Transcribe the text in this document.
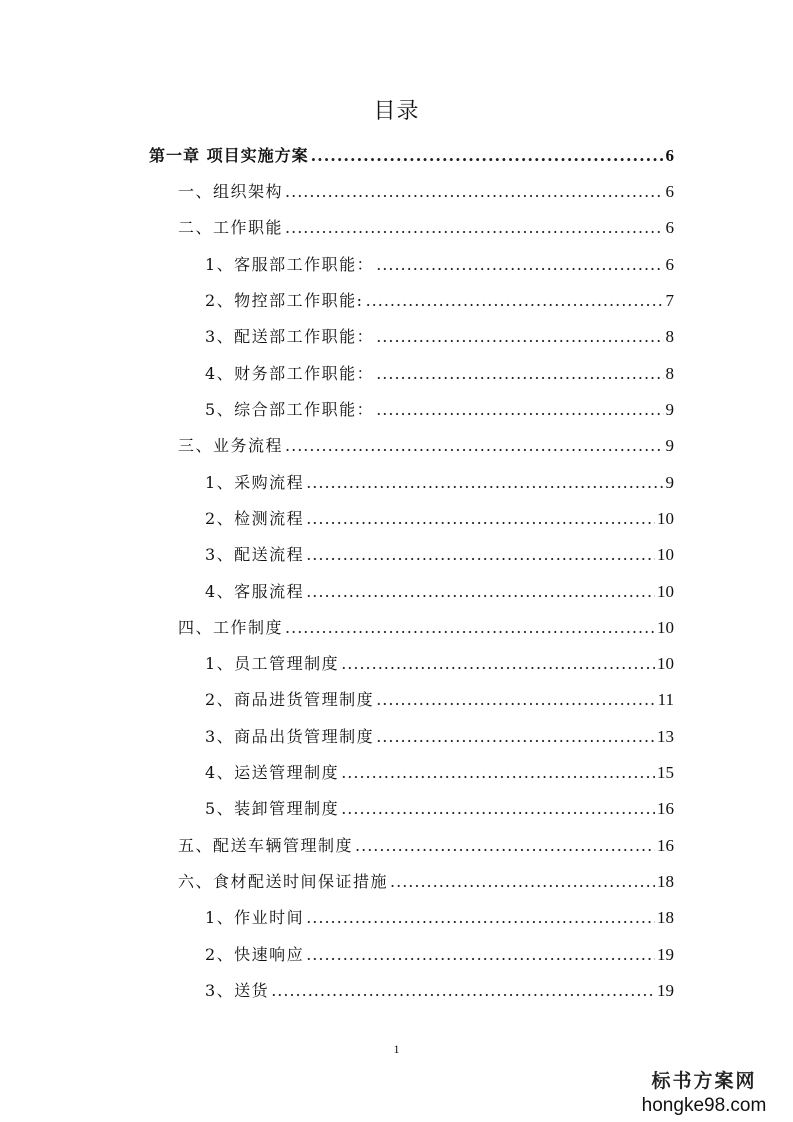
目录
第一章 项目实施方案 .....	6
一、组织架构 .....	6
二、工作职能 .....	6
1、客服部工作职能： .....	6
2、物控部工作职能: .....	7
3、配送部工作职能： .....	8
4、财务部工作职能： .....	8
5、综合部工作职能： .....	9
三、业务流程 .....	9
1、采购流程 .....	9
2、检测流程 .....	10
3、配送流程 .....	10
4、客服流程 .....	10
四、工作制度 .....	10
1、员工管理制度 .....	10
2、商品进货管理制度 .....	11
3、商品出货管理制度 .....	13
4、运送管理制度 .....	15
5、装卸管理制度 .....	16
五、配送车辆管理制度 .....	16
六、食材配送时间保证措施 .....	18
1、作业时间 .....	18
2、快速响应 .....	19
3、送货 .....	19
1
标书方案网
hongke98.com
